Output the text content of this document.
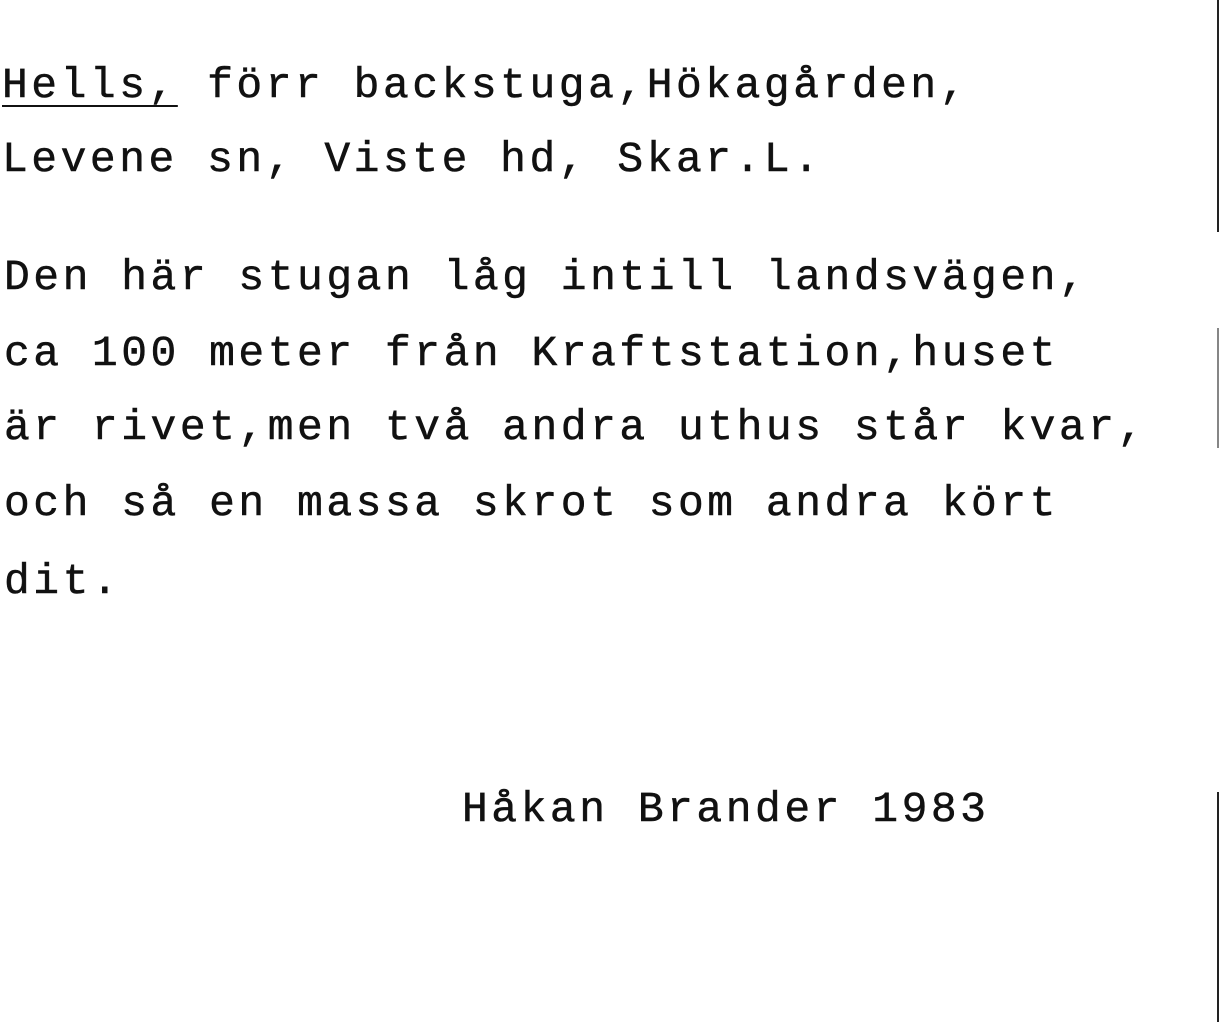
Hells, förr backstuga,Hökagården,
Levene sn, Viste hd, Skar.L.
Den här stugan låg intill landsvägen,
ca 100 meter från Kraftstation,huset
är rivet,men två andra uthus står kvar,
och så en massa skrot som andra kört
dit.
Håkan Brander 1983
